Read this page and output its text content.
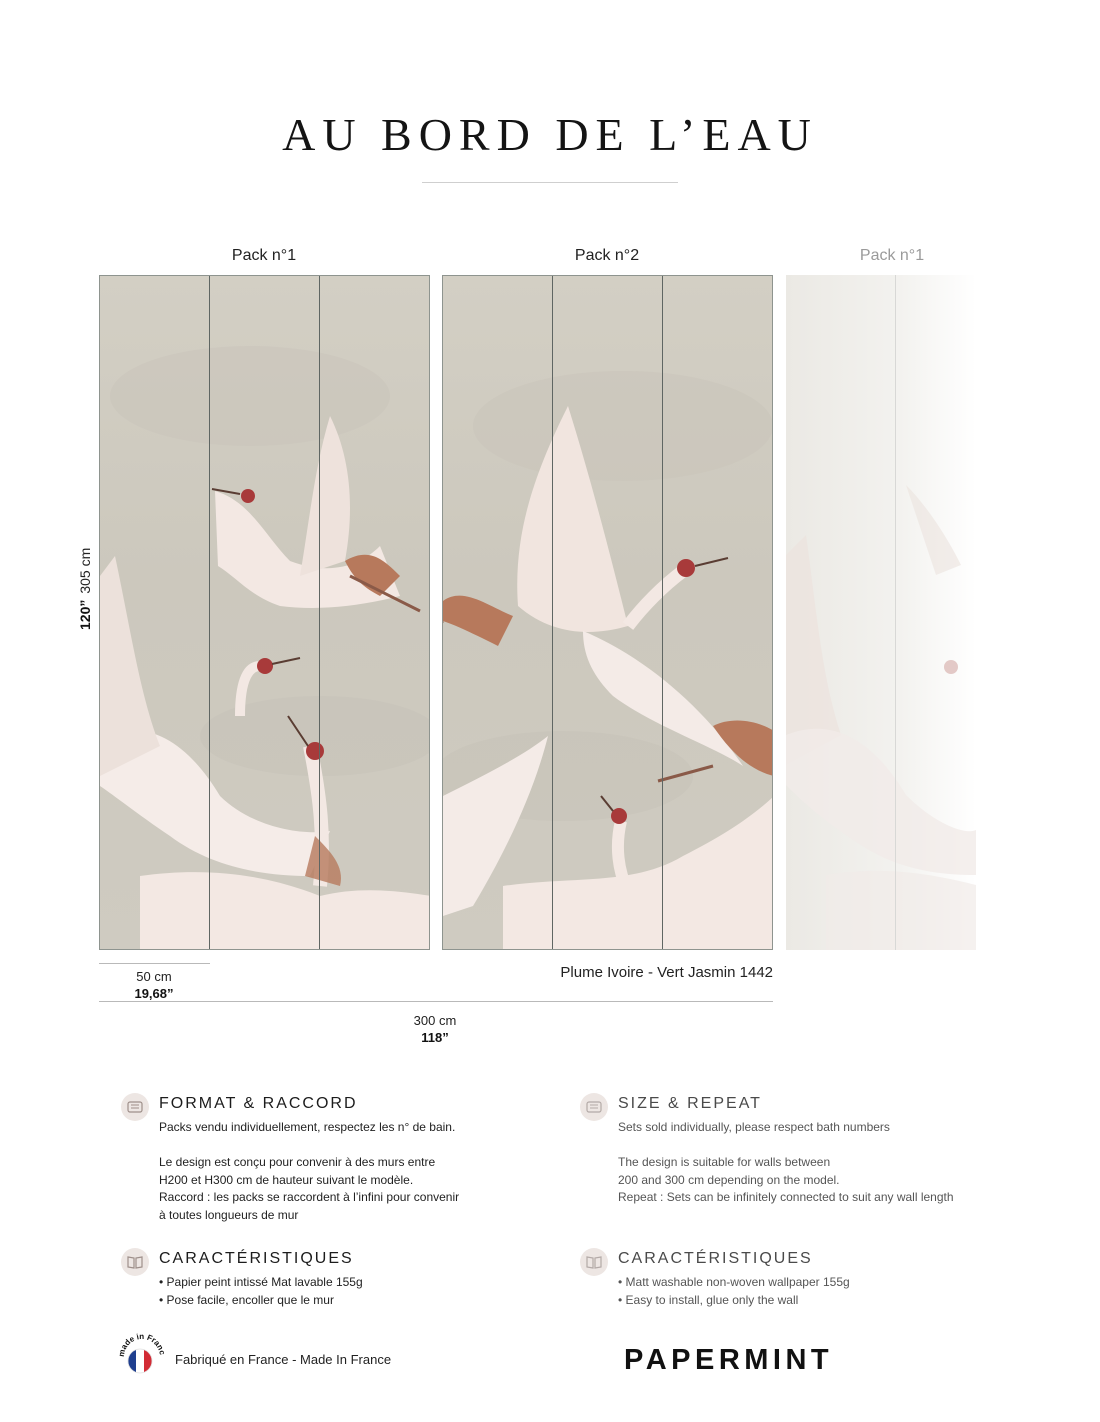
AU BORD DE L’EAU
Pack n°1	Pack n°2	Pack n°1
120”305 cm
50 cm
19,68”
Plume Ivoire - Vert Jasmin 1442
300 cm
118”
FORMAT & RACCORD
Packs vendu individuellement, respectez les n° de bain.
Le design est conçu pour convenir à des murs entre
H200 et H300 cm de hauteur suivant le modèle.
Raccord : les packs se raccordent à l’infini pour convenir
à toutes longueurs de mur
SIZE & REPEAT
Sets sold individually, please respect bath numbers
The design is suitable for walls between
200 and 300 cm depending on the model.
Repeat : Sets can be infinitely connected to suit any wall length
CARACTÉRISTIQUES
• Papier peint intissé Mat lavable 155g
• Pose facile, encoller que le mur
CARACTÉRISTIQUES
• Matt washable non-woven wallpaper 155g
• Easy to install, glue only the wall
ade in Franc Fabriqué en France - Made In France	PAPERMINT
